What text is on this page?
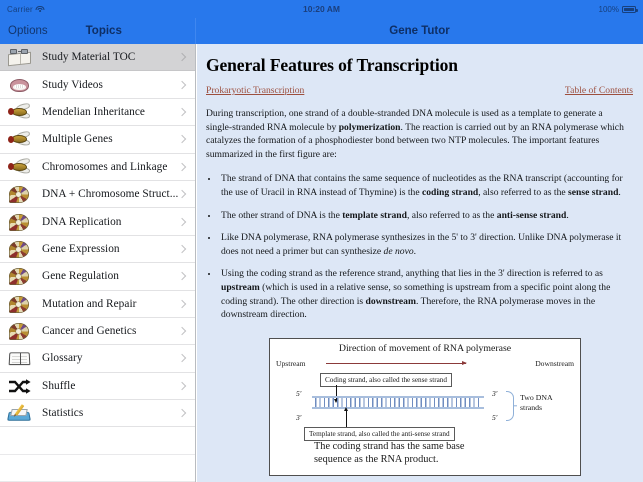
Carrier	10:20 AM	100%
Options	Topics	Gene Tutor
Study Material TOC
Study Videos
Mendelian Inheritance
Multiple Genes
Chromosomes and Linkage
DNA + Chromosome Struct...
DNA Replication
Gene Expression
Gene Regulation
Mutation and Repair
Cancer and Genetics
Glossary
Shuffle
Statistics
General Features of Transcription
Prokaryotic Transcription	Table of Contents

During transcription, one strand of a double-stranded DNA molecule is used as a template to generate a single-stranded RNA molecule by polymerization. The reaction is carried out by an RNA polymerase which catalyzes the formation of a phosphodiester bond between two NTP molecules. The important features summarized in the first figure are:

• The strand of DNA that contains the same sequence of nucleotides as the RNA transcript (accounting for the use of Uracil in RNA instead of Thymine) is the coding strand, also referred to as the sense strand.
• The other strand of DNA is the template strand, also referred to as the anti-sense strand.
• Like DNA polymerase, RNA polymerase synthesizes in the 5' to 3' direction. Unlike DNA polymerase it does not need a primer but can synthesize de novo.
• Using the coding strand as the reference strand, anything that lies in the 3' direction is referred to as upstream (which is used in a relative sense, so something is upstream from a specific point along the coding strand). The other direction is downstream. Therefore, the RNA polymerase moves in the downstream direction.
Direction of movement of RNA polymerase
Upstream	Downstream
Coding strand, also called the sense strand
5'
3'
3'
5'
Two DNA strands
Template strand, also called the anti-sense strand
The coding strand has the same base
sequence as the RNA product.
